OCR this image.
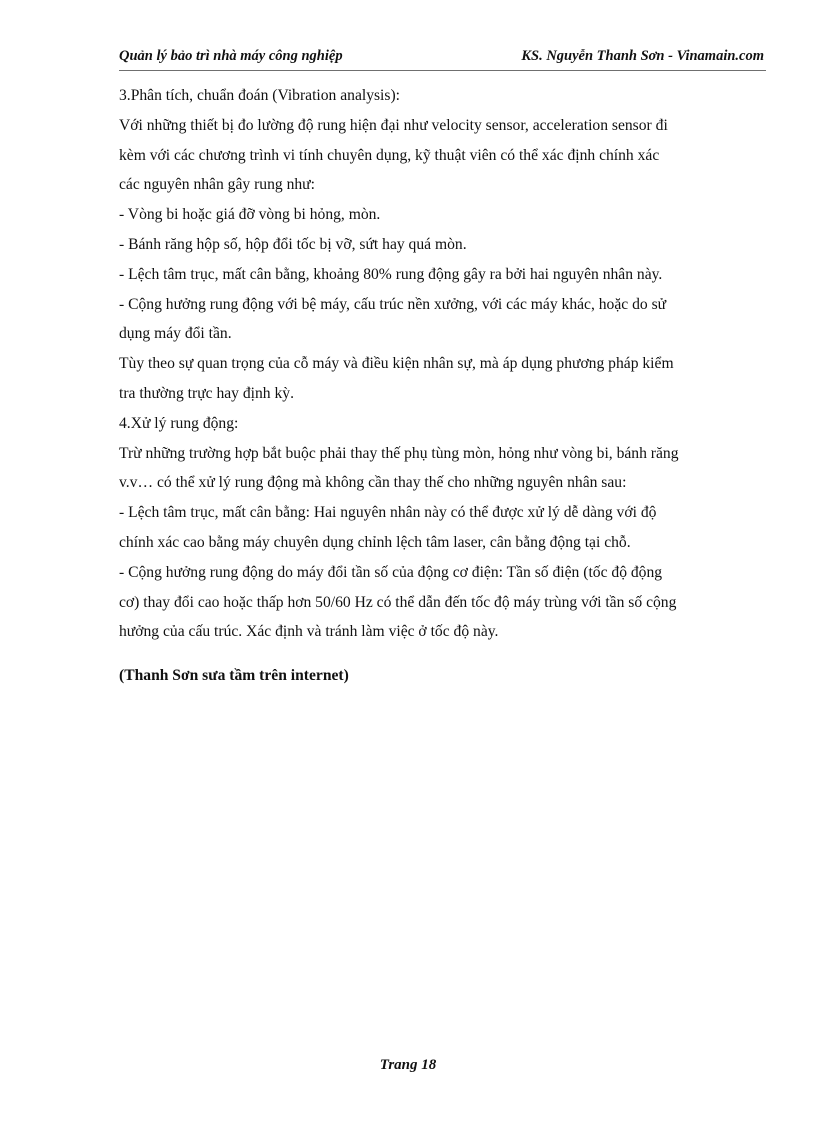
Quản lý bảo trì nhà máy công nghiệp	KS. Nguyễn Thanh Sơn - Vinamain.com

3.Phân tích, chuẩn đoán (Vibration analysis):

Với những thiết bị đo lường độ rung hiện đại như velocity sensor, acceleration sensor đi

kèm với các chương trình vi tính chuyên dụng, kỹ thuật viên có thể xác định chính xác

các nguyên nhân gây rung như:

- Vòng bi hoặc giá đỡ vòng bi hỏng, mòn.

- Bánh răng hộp số, hộp đổi tốc bị vỡ, sứt hay quá mòn.

- Lệch tâm trục, mất cân bằng, khoảng 80% rung động gây ra bởi hai nguyên nhân này.

- Cộng hưởng rung động với bệ máy, cấu trúc nền xưởng, với các máy khác, hoặc do sử

dụng máy đổi tần.

Tùy theo sự quan trọng của cỗ máy và điều kiện nhân sự, mà áp dụng phương pháp kiểm

tra thường trực hay định kỳ.

4.Xử lý rung động:

Trừ những trường hợp bắt buộc phải thay thế phụ tùng mòn, hỏng như vòng bi, bánh răng

v.v… có thể xử lý rung động mà không cần thay thế cho những nguyên nhân sau:

- Lệch tâm trục, mất cân bằng: Hai nguyên nhân này có thể được xử lý dễ dàng với độ

chính xác cao bằng máy chuyên dụng chỉnh lệch tâm laser, cân bằng động tại chỗ.

- Cộng hưởng rung động do máy đổi tần số của động cơ điện: Tần số điện (tốc độ động

cơ) thay đổi cao hoặc thấp hơn 50/60 Hz có thể dẫn đến tốc độ máy trùng với tần số cộng

hưởng của cấu trúc. Xác định và tránh làm việc ở tốc độ này.

(Thanh Sơn sưa tầm trên internet)

Trang 18
